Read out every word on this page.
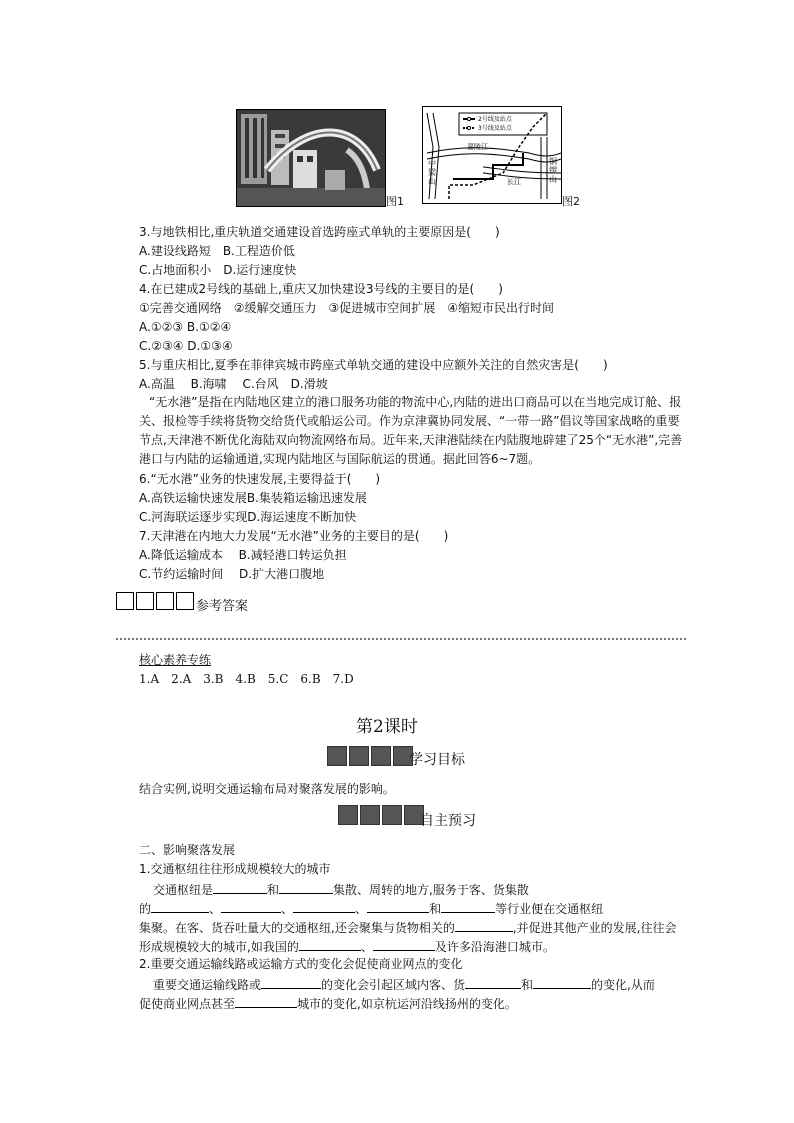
图1
2号线及站点
3号线及站点
嘉陵江
长江
中梁山
铜锣山
图2
3.与地铁相比,重庆轨道交通建设首选跨座式单轨的主要原因是(　　)
A.建设线路短　B.工程造价低
C.占地面积小　D.运行速度快
4.在已建成2号线的基础上,重庆又加快建设3号线的主要目的是(　　)
①完善交通网络　②缓解交通压力　③促进城市空间扩展　④缩短市民出行时间
A.①②③ B.①②④
C.②③④ D.①③④
5.与重庆相比,夏季在菲律宾城市跨座式单轨交通的建设中应额外关注的自然灾害是(　　)
A.高温　 B.海啸　 C.台风　D.滑坡
“无水港”是指在内陆地区建立的港口服务功能的物流中心,内陆的进出口商品可以在当地完成订舱、报关、报检等手续将货物交给货代或船运公司。作为京津冀协同发展、“一带一路”倡议等国家战略的重要节点,天津港不断优化海陆双向物流网络布局。近年来,天津港陆续在内陆腹地辟建了25个“无水港”,完善港口与内陆的运输通道,实现内陆地区与国际航运的贯通。据此回答6~7题。
6.“无水港”业务的快速发展,主要得益于(　　)
A.高铁运输快速发展B.集装箱运输迅速发展
C.河海联运逐步实现D.海运速度不断加快
7.天津港在内地大力发展“无水港”业务的主要目的是(　　)
A.降低运输成本　 B.减轻港口转运负担
C.节约运输时间　 D.扩大港口腹地
参考答案
核心素养专练
1.A　2.A　3.B　4.B　5.C　6.B　7.D
第2课时
学习目标
结合实例,说明交通运输布局对聚落发展的影响。
自主预习
二、影响聚落发展
1.交通枢纽往往形成规模较大的城市
交通枢纽是	和	集散、周转的地方,服务于客、货集散
的	、	、	、	和	等行业便在交通枢纽
集聚。在客、货吞吐量大的交通枢纽,还会聚集与货物相关的	,并促进其他产业的发展,往往会
形成规模较大的城市,如我国的	、	及许多沿海港口城市。
2.重要交通运输线路或运输方式的变化会促使商业网点的变化
重要交通运输线路或	的变化会引起区域内客、货	和	的变化,从而
促使商业网点甚至	城市的变化,如京杭运河沿线扬州的变化。
